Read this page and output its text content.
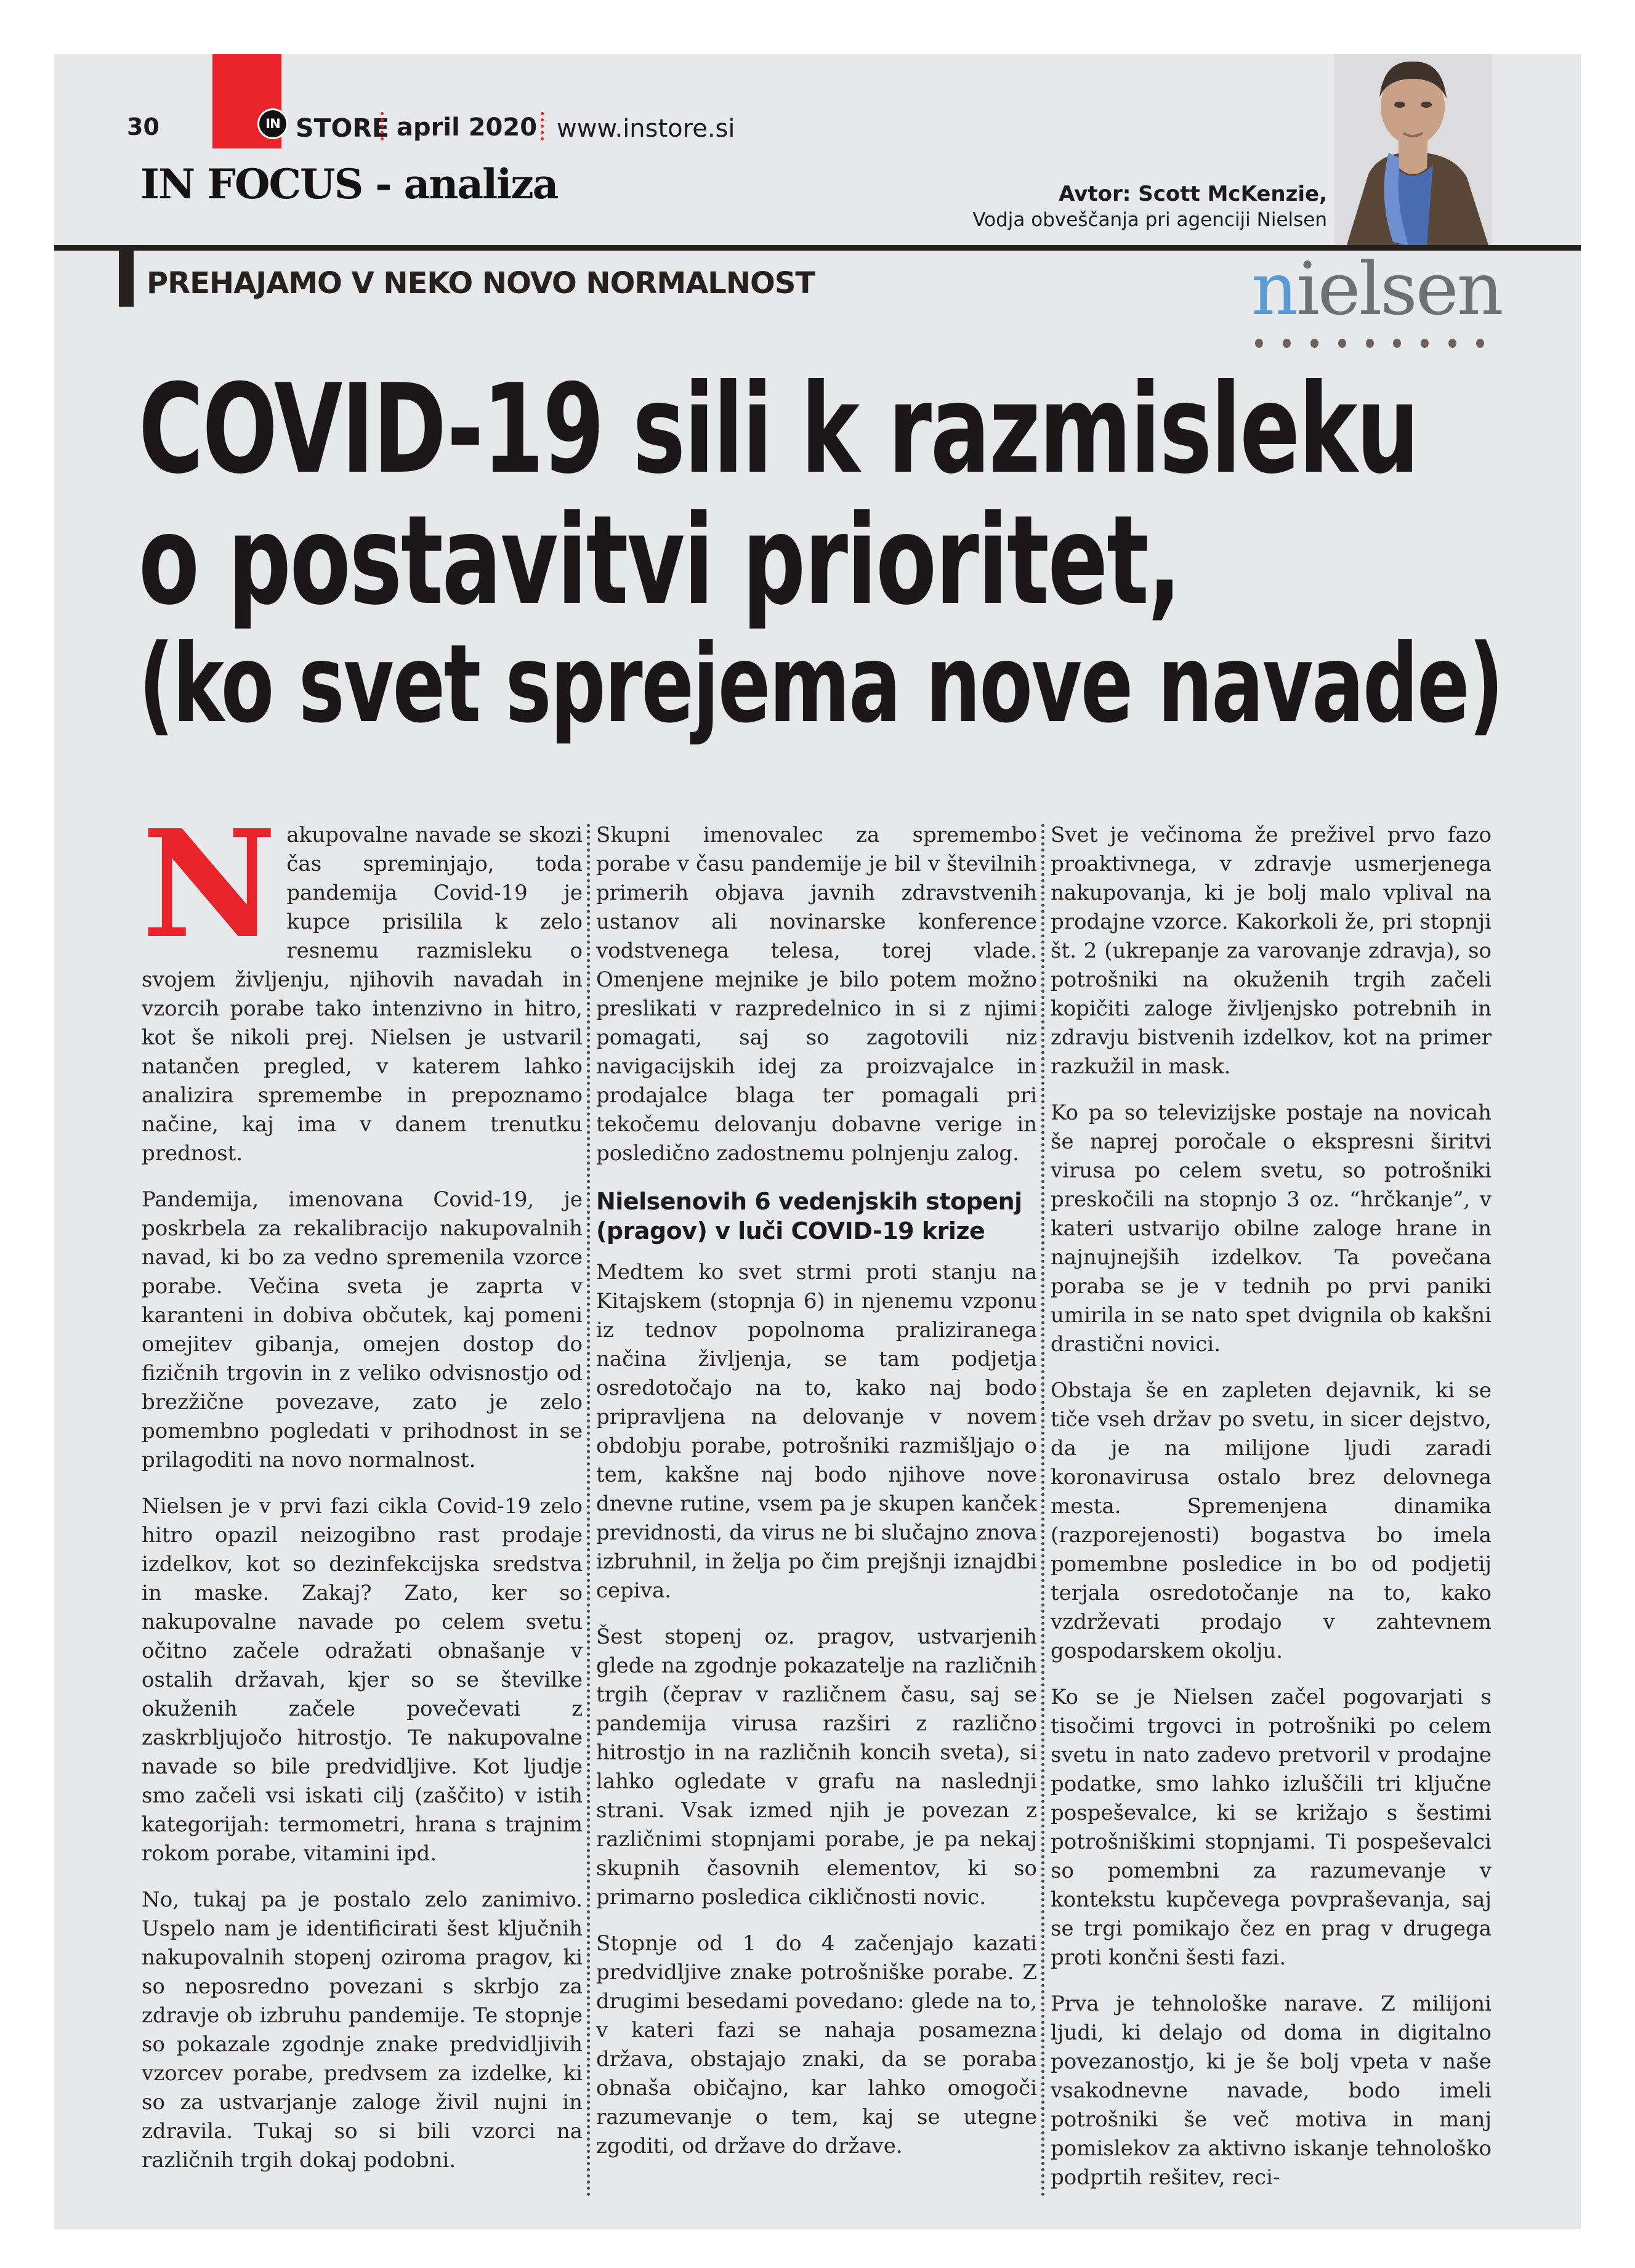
30	IN STORE april 2020 www.instore.si
IN FOCUS - analiza	Avtor: Scott McKenzie,
Vodja obveščanja pri agenciji Nielsen
PREHAJAMO V NEKO NOVO NORMALNOST	nielsen
COVID-19 sili k razmisleku
o postavitvi prioritet,
(ko svet sprejema nove navade)

Nakupovalne navade se skozi čas spreminjajo, toda pandemija Covid-19 je kupce prisilila k zelo resnemu razmisleku o svojem življenju, njihovih navadah in vzorcih porabe tako intenzivno in hitro, kot še nikoli prej. Nielsen je ustvaril natančen pregled, v katerem lahko analizira spremembe in prepoznamo načine, kaj ima v danem trenutku prednost.

Pandemija, imenovana Covid-19, je poskrbela za rekalibracijo nakupovalnih navad, ki bo za vedno spremenila vzorce porabe. Večina sveta je zaprta v karanteni in dobiva občutek, kaj pomeni omejitev gibanja, omejen dostop do fizičnih trgovin in z veliko odvisnostjo od brezžične povezave, zato je zelo pomembno pogledati v prihodnost in se prilagoditi na novo normalnost.

Nielsen je v prvi fazi cikla Covid-19 zelo hitro opazil neizogibno rast prodaje izdelkov, kot so dezinfekcijska sredstva in maske. Zakaj? Zato, ker so nakupovalne navade po celem svetu očitno začele odražati obnašanje v ostalih državah, kjer so se številke okuženih začele povečevati z zaskrbljujočo hitrostjo. Te nakupovalne navade so bile predvidljive. Kot ljudje smo začeli vsi iskati cilj (zaščito) v istih kategorijah: termometri, hrana s trajnim rokom porabe, vitamini ipd.

No, tukaj pa je postalo zelo zanimivo. Uspelo nam je identificirati šest ključnih nakupovalnih stopenj oziroma pragov, ki so neposredno povezani s skrbjo za zdravje ob izbruhu pandemije. Te stopnje so pokazale zgodnje znake predvidljivih vzorcev porabe, predvsem za izdelke, ki so za ustvarjanje zaloge živil nujni in zdravila. Tukaj so si bili vzorci na različnih trgih dokaj podobni.

Skupni imenovalec za spremembo porabe v času pandemije je bil v številnih primerih objava javnih zdravstvenih ustanov ali novinarske konference vodstvenega telesa, torej vlade. Omenjene mejnike je bilo potem možno preslikati v razpredelnico in si z njimi pomagati, saj so zagotovili niz navigacijskih idej za proizvajalce in prodajalce blaga ter pomagali pri tekočemu delovanju dobavne verige in posledično zadostnemu polnjenju zalog.

Nielsenovih 6 vedenjskih stopenj (pragov) v luči COVID-19 krize

Medtem ko svet strmi proti stanju na Kitajskem (stopnja 6) in njenemu vzponu iz tednov popolnoma praliziranega načina življenja, se tam podjetja osredotočajo na to, kako naj bodo pripravljena na delovanje v novem obdobju porabe, potrošniki razmišljajo o tem, kakšne naj bodo njihove nove dnevne rutine, vsem pa je skupen kanček previdnosti, da virus ne bi slučajno znova izbruhnil, in želja po čim prejšnji iznajdbi cepiva.

Šest stopenj oz. pragov, ustvarjenih glede na zgodnje pokazatelje na različnih trgih (čeprav v različnem času, saj se pandemija virusa razširi z različno hitrostjo in na različnih koncih sveta), si lahko ogledate v grafu na naslednji strani. Vsak izmed njih je povezan z različnimi stopnjami porabe, je pa nekaj skupnih časovnih elementov, ki so primarno posledica cikličnosti novic.

Stopnje od 1 do 4 začenjajo kazati predvidljive znake potrošniške porabe. Z drugimi besedami povedano: glede na to, v kateri fazi se nahaja posamezna država, obstajajo znaki, da se poraba obnaša običajno, kar lahko omogoči razumevanje o tem, kaj se utegne zgoditi, od države do države.

Svet je večinoma že preživel prvo fazo proaktivnega, v zdravje usmerjenega nakupovanja, ki je bolj malo vplival na prodajne vzorce. Kakorkoli že, pri stopnji št. 2 (ukrepanje za varovanje zdravja), so potrošniki na okuženih trgih začeli kopičiti zaloge življenjsko potrebnih in zdravju bistvenih izdelkov, kot na primer razkužil in mask.

Ko pa so televizijske postaje na novicah še naprej poročale o ekspresni širitvi virusa po celem svetu, so potrošniki preskočili na stopnjo 3 oz. “hrčkanje”, v kateri ustvarijo obilne zaloge hrane in najnujnejših izdelkov. Ta povečana poraba se je v tednih po prvi paniki umirila in se nato spet dvignila ob kakšni drastični novici.

Obstaja še en zapleten dejavnik, ki se tiče vseh držav po svetu, in sicer dejstvo, da je na milijone ljudi zaradi koronavirusa ostalo brez delovnega mesta. Spremenjena dinamika (razporejenosti) bogastva bo imela pomembne posledice in bo od podjetij terjala osredotočanje na to, kako vzdrževati prodajo v zahtevnem gospodarskem okolju.

Ko se je Nielsen začel pogovarjati s tisočimi trgovci in potrošniki po celem svetu in nato zadevo pretvoril v prodajne podatke, smo lahko izluščili tri ključne pospeševalce, ki se križajo s šestimi potrošniškimi stopnjami. Ti pospeševalci so pomembni za razumevanje v kontekstu kupčevega povpraševanja, saj se trgi pomikajo čez en prag v drugega proti končni šesti fazi.

Prva je tehnološke narave. Z milijoni ljudi, ki delajo od doma in digitalno povezanostjo, ki je še bolj vpeta v naše vsakodnevne navade, bodo imeli potrošniki še več motiva in manj pomislekov za aktivno iskanje tehnološko podprtih rešitev, reci-
